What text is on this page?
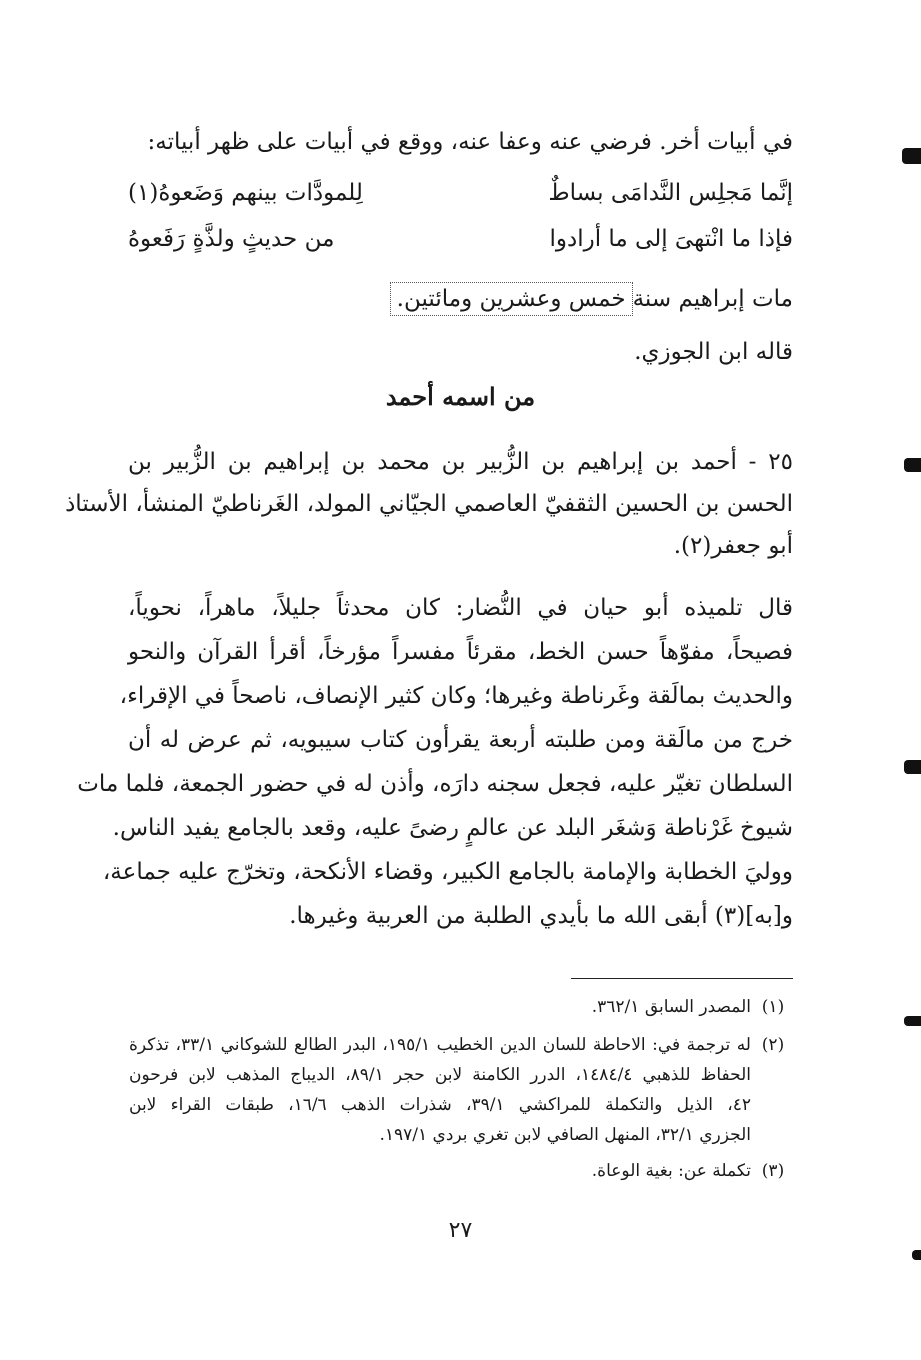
في أبيات أخر. فرضي عنه وعفا عنه، ووقع في أبيات على ظهر أبياته:
إنَّما مَجلِس النَّدامَى بساطٌ
لِلمودَّات بينهم وَضَعوهُ(١)
فإذا ما انْتهىَ إلى ما أرادوا
من حديثٍ ولذَّةٍ رَفَعوهُ
مات إبراهيم سنةخمس وعشرين ومائتين.
قاله ابن الجوزي.
من اسمه أحمد
٢٥ - أحمد بن إبراهيم بن الزُّبير بن محمد بن إبراهيم بن الزُّبير بن
الحسن بن الحسين الثقفيّ العاصمي الجيّاني المولد، الغَرناطيّ المنشأ، الأستاذ
أبو جعفر(٢).
قال تلميذه أبو حيان في النُّضار: كان محدثاً جليلاً، ماهراً، نحوياً،
فصيحاً، مفوّهاً حسن الخط، مقرئاً مفسراً مؤرخاً، أقرأ القرآن والنحو
والحديث بمالَقة وغَرناطة وغيرها؛ وكان كثير الإنصاف، ناصحاً في الإقراء،
خرج من مالَقة ومن طلبته أربعة يقرأون كتاب سيبويه، ثم عرض له أن
السلطان تغيّر عليه، فجعل سجنه دارَه، وأذن له في حضور الجمعة، فلما مات
شيوخ غَرْناطة وَشغَر البلد عن عالمٍ رضىً عليه، وقعد بالجامع يفيد الناس.
ووليَ الخطابة والإمامة بالجامع الكبير، وقضاء الأنكحة، وتخرّج عليه جماعة،
و[به](٣) أبقى الله ما بأيدي الطلبة من العربية وغيرها.
(١)
المصدر السابق ٣٦٢/١.
(٢)
له ترجمة في: الاحاطة للسان الدين الخطيب ١٩٥/١، البدر الطالع للشوكاني ٣٣/١، تذكرة
الحفاظ للذهبي ١٤٨٤/٤، الدرر الكامنة لابن حجر ٨٩/١، الديباج المذهب لابن فرحون
٤٢، الذيل والتكملة للمراكشي ٣٩/١، شذرات الذهب ١٦/٦، طبقات القراء لابن
الجزري ٣٢/١، المنهل الصافي لابن تغري بردي ١٩٧/١.
(٣)
تكملة عن: بغية الوعاة.
٢٧
